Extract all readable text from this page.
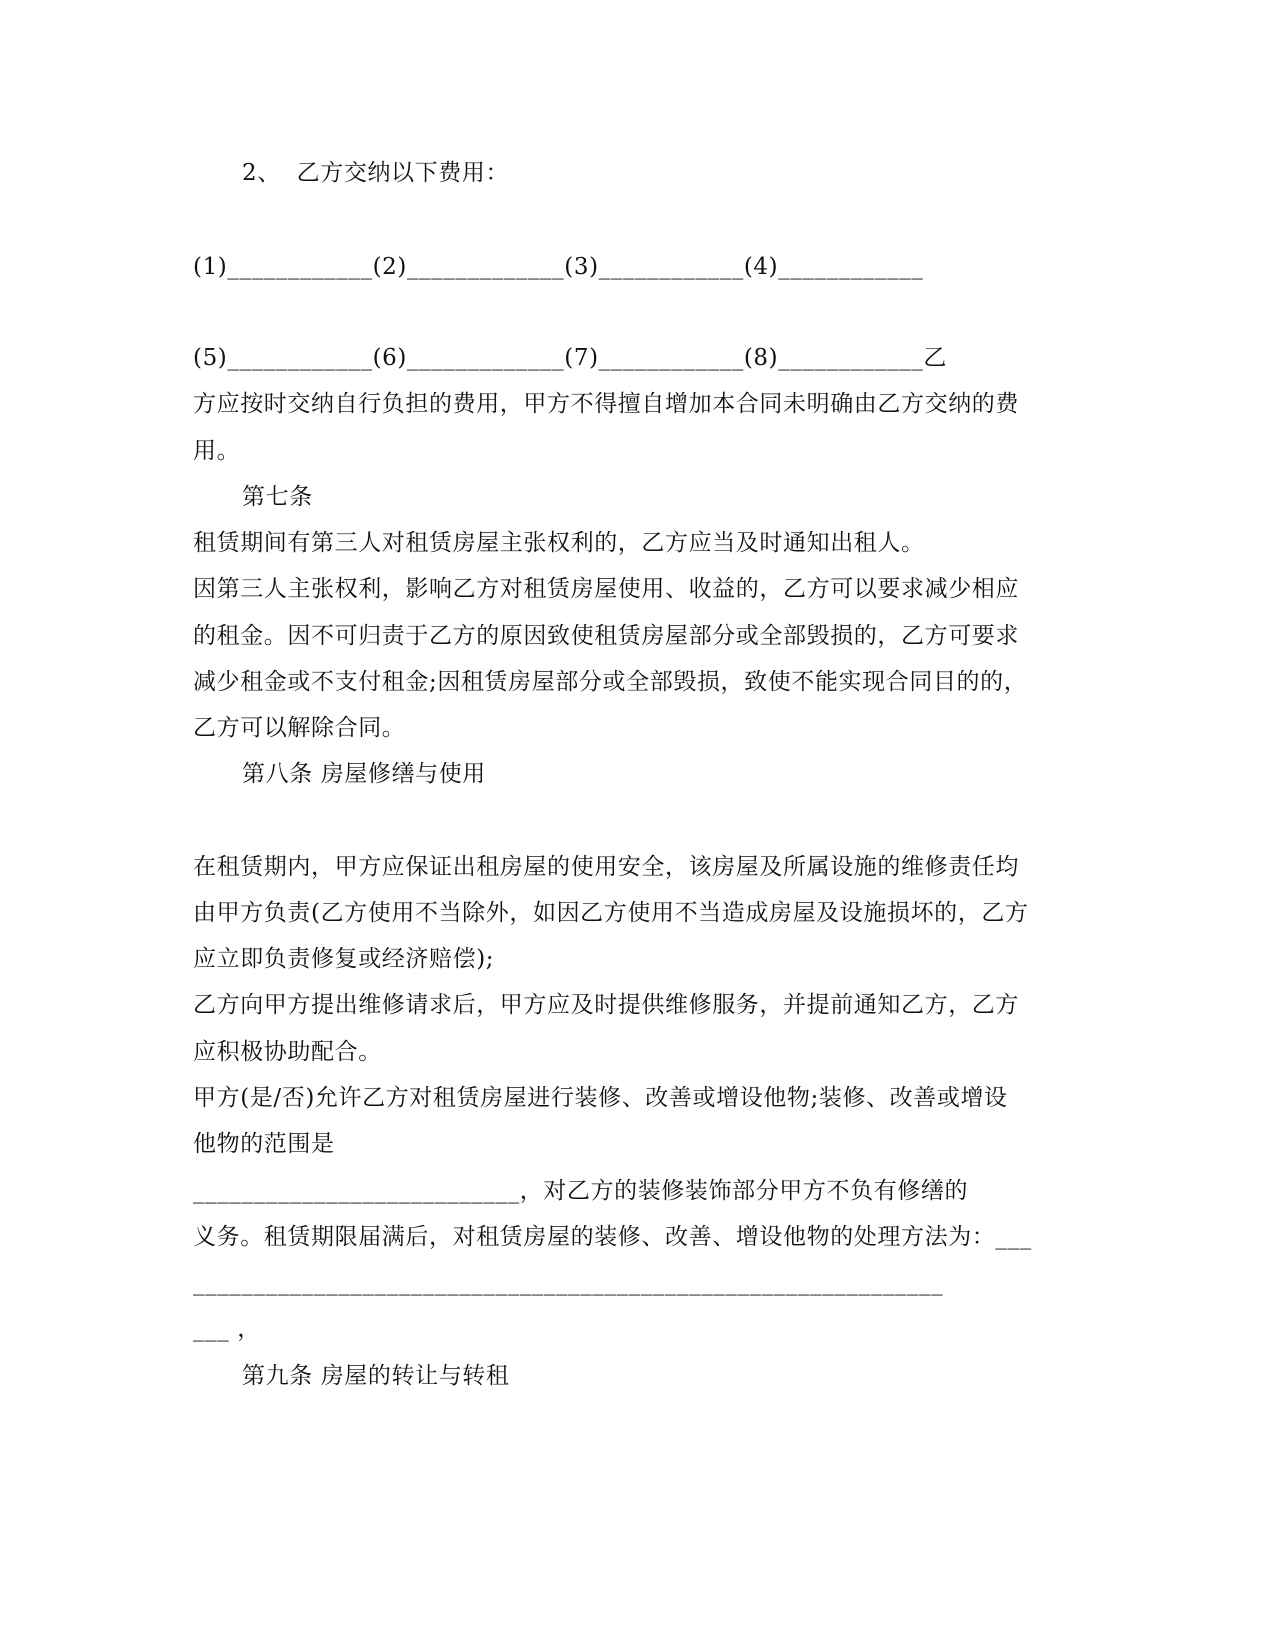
2、  乙方交纳以下费用：
(1)____________(2)_____________(3)____________(4)____________
(5)____________(6)_____________(7)____________(8)____________乙
方应按时交纳自行负担的费用，甲方不得擅自增加本合同未明确由乙方交纳的费
用。
第七条
租赁期间有第三人对租赁房屋主张权利的，乙方应当及时通知出租人。
因第三人主张权利，影响乙方对租赁房屋使用、收益的，乙方可以要求减少相应
的租金。因不可归责于乙方的原因致使租赁房屋部分或全部毁损的，乙方可要求
减少租金或不支付租金;因租赁房屋部分或全部毁损，致使不能实现合同目的的，
乙方可以解除合同。
第八条 房屋修缮与使用
在租赁期内，甲方应保证出租房屋的使用安全，该房屋及所属设施的维修责任均
由甲方负责(乙方使用不当除外，如因乙方使用不当造成房屋及设施损坏的，乙方
应立即负责修复或经济赔偿);
乙方向甲方提出维修请求后，甲方应及时提供维修服务，并提前通知乙方，乙方
应积极协助配合。
甲方(是/否)允许乙方对租赁房屋进行装修、改善或增设他物;装修、改善或增设
他物的范围是
___________________________，对乙方的装修装饰部分甲方不负有修缮的
义务。租赁期限届满后，对租赁房屋的装修、改善、增设他物的处理方法为：___
______________________________________________________________
___ ，
第九条 房屋的转让与转租
